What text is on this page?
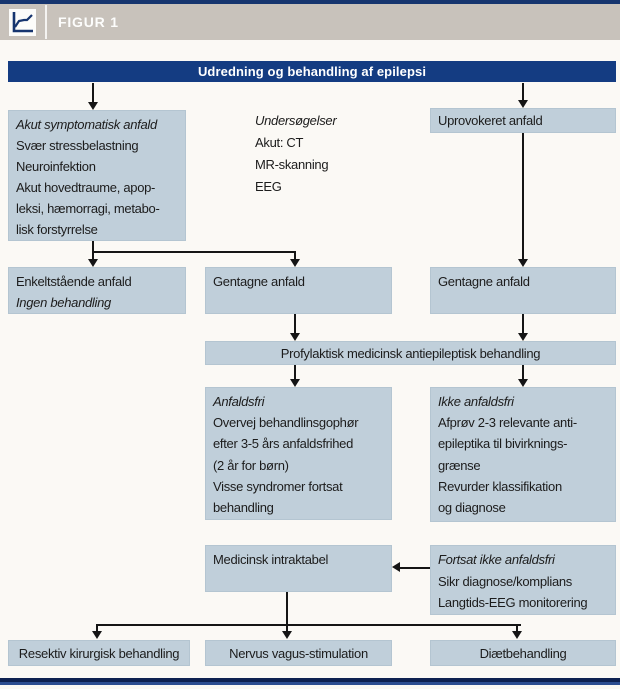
FIGUR 1
Udredning og behandling af epilepsi
Akut symptomatisk anfald
Svær stressbelastning
Neuroinfektion
Akut hovedtraume, apop-
leksi, hæmorragi, metabo-
lisk forstyrrelse
Undersøgelser
Akut: CT
MR-skanning
EEG
Uprovokeret anfald
Enkeltstående anfald
Ingen behandling
Gentagne anfald	Gentagne anfald
Profylaktisk medicinsk antiepileptisk behandling
Anfaldsfri
Overvej behandlinsgophør
efter 3-5 års anfaldsfrihed
(2 år for børn)
Visse syndromer fortsat
behandling
Ikke anfaldsfri
Afprøv 2-3 relevante anti-
epileptika til bivirknings-
grænse
Revurder klassifikation
og diagnose
Medicinsk intraktabel	Fortsat ikke anfaldsfri
Sikr diagnose/komplians
Langtids-EEG monitorering
Resektiv kirurgisk behandling	Nervus vagus-stimulation	Diætbehandling
